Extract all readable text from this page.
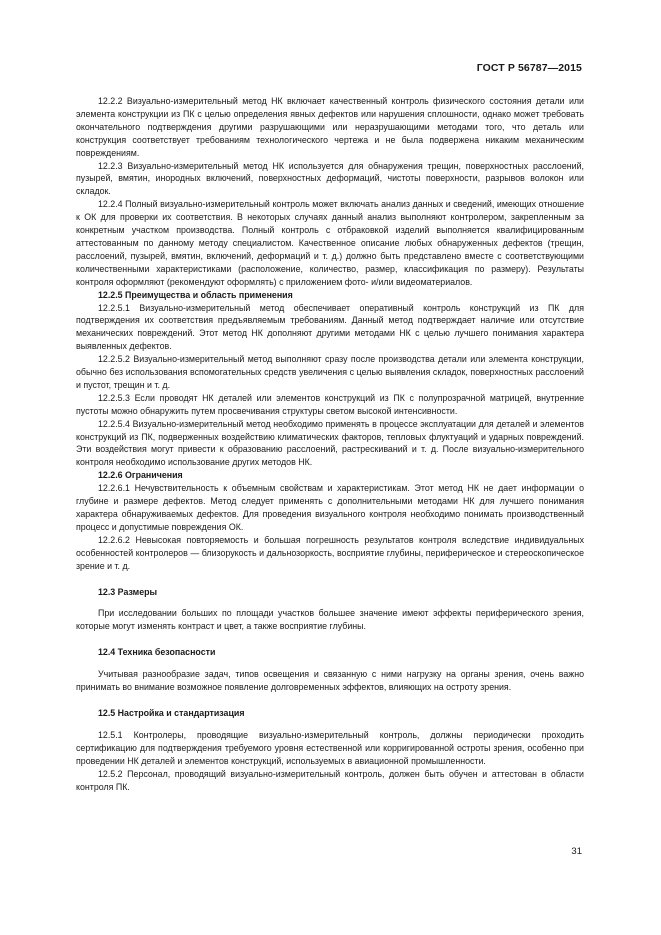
ГОСТ Р 56787—2015

12.2.2 Визуально-измерительный метод НК включает качественный контроль физического состояния детали или элемента конструкции из ПК с целью определения явных дефектов или нарушения сплошности, однако может требовать окончательного подтверждения другими разрушающими или неразрушающими методами того, что деталь или конструкция соответствует требованиям технологического чертежа и не была подвержена никаким механическим повреждениям.

12.2.3 Визуально-измерительный метод НК используется для обнаружения трещин, поверхностных расслоений, пузырей, вмятин, инородных включений, поверхностных деформаций, чистоты поверхности, разрывов волокон или складок.

12.2.4 Полный визуально-измерительный контроль может включать анализ данных и сведений, имеющих отношение к ОК для проверки их соответствия. В некоторых случаях данный анализ выполняют контролером, закрепленным за конкретным участком производства. Полный контроль с отбраковкой изделий выполняется квалифицированным аттестованным по данному методу специалистом. Качественное описание любых обнаруженных дефектов (трещин, расслоений, пузырей, вмятин, включений, деформаций и т. д.) должно быть представлено вместе с соответствующими количественными характеристиками (расположение, количество, размер, классификация по размеру). Результаты контроля оформляют (рекомендуют оформлять) с приложением фото- и/или видеоматериалов.

12.2.5 Преимущества и область применения

12.2.5.1 Визуально-измерительный метод обеспечивает оперативный контроль конструкций из ПК для подтверждения их соответствия предъявляемым требованиям. Данный метод подтверждает наличие или отсутствие механических повреждений. Этот метод НК дополняют другими методами НК с целью лучшего понимания характера выявленных дефектов.

12.2.5.2 Визуально-измерительный метод выполняют сразу после производства детали или элемента конструкции, обычно без использования вспомогательных средств увеличения с целью выявления складок, поверхностных расслоений и пустот, трещин и т. д.

12.2.5.3 Если проводят НК деталей или элементов конструкций из ПК с полупрозрачной матрицей, внутренние пустоты можно обнаружить путем просвечивания структуры светом высокой интенсивности.

12.2.5.4 Визуально-измерительный метод необходимо применять в процессе эксплуатации для деталей и элементов конструкций из ПК, подверженных воздействию климатических факторов, тепловых флуктуаций и ударных повреждений. Эти воздействия могут привести к образованию расслоений, растрескиваний и т. д. После визуально-измерительного контроля необходимо использование других методов НК.

12.2.6 Ограничения

12.2.6.1 Нечувствительность к объемным свойствам и характеристикам. Этот метод НК не дает информации о глубине и размере дефектов. Метод следует применять с дополнительными методами НК для лучшего понимания характера обнаруживаемых дефектов. Для проведения визуального контроля необходимо понимать производственный процесс и допустимые повреждения ОК.

12.2.6.2 Невысокая повторяемость и большая погрешность результатов контроля вследствие индивидуальных особенностей контролеров — близорукость и дальнозоркость, восприятие глубины, периферическое и стереоскопическое зрение и т. д.

12.3 Размеры

При исследовании больших по площади участков большее значение имеют эффекты периферического зрения, которые могут изменять контраст и цвет, а также восприятие глубины.

12.4 Техника безопасности

Учитывая разнообразие задач, типов освещения и связанную с ними нагрузку на органы зрения, очень важно принимать во внимание возможное появление долговременных эффектов, влияющих на остроту зрения.

12.5 Настройка и стандартизация

12.5.1 Контролеры, проводящие визуально-измерительный контроль, должны периодически проходить сертификацию для подтверждения требуемого уровня естественной или корригированной остроты зрения, особенно при проведении НК деталей и элементов конструкций, используемых в авиационной промышленности.

12.5.2 Персонал, проводящий визуально-измерительный контроль, должен быть обучен и аттестован в области контроля ПК.

31
